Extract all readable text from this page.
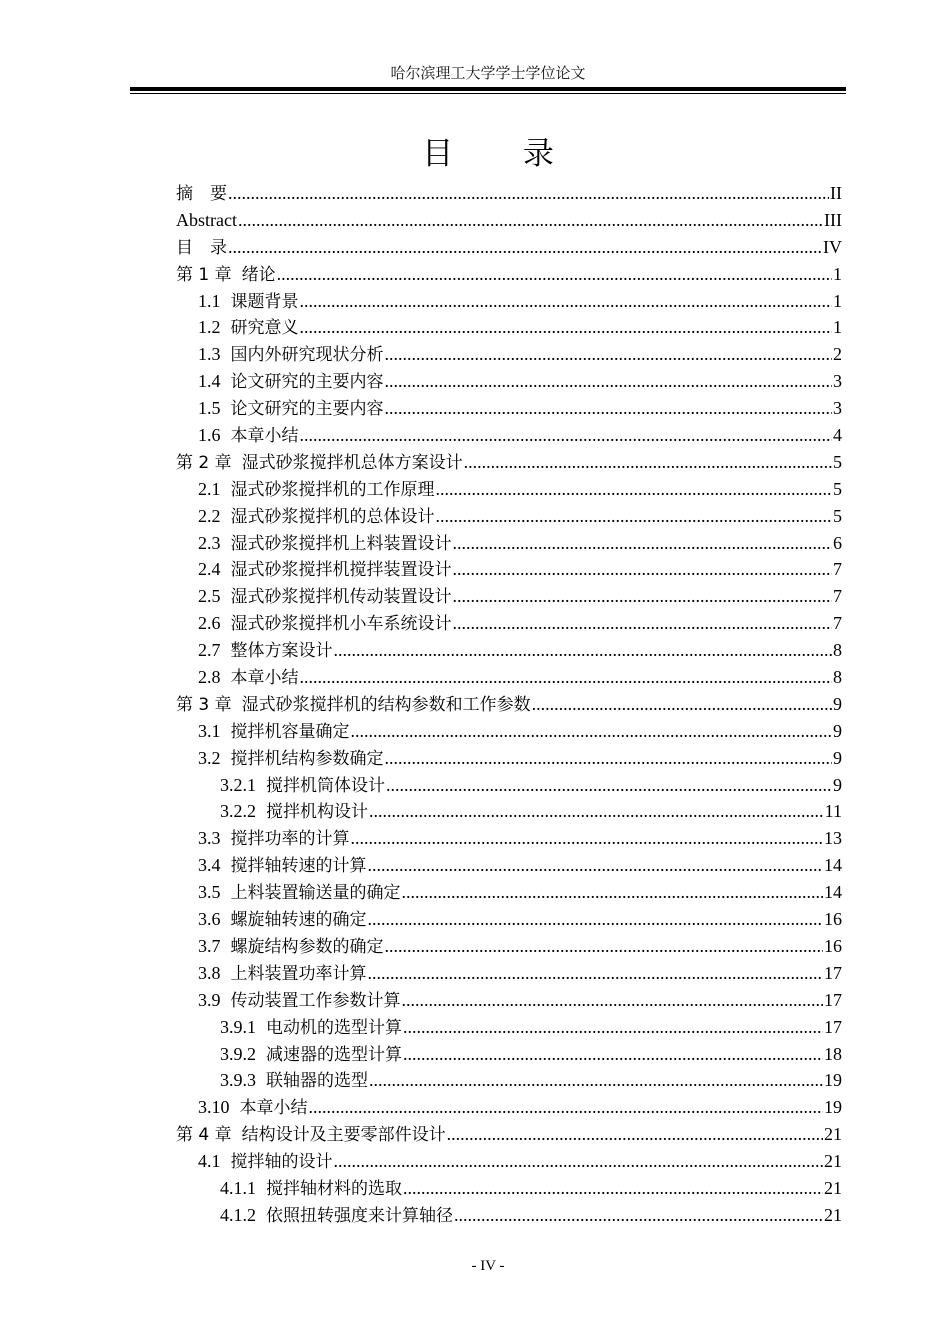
哈尔滨理工大学学士学位论文
目 录
摘　要 .....	II
Abstract .....	III
目　录 .....	IV
第 1 章 绪论 .....	1
1.1 课题背景 .....	1
1.2 研究意义 .....	1
1.3 国内外研究现状分析 .....	2
1.4 论文研究的主要内容 .....	3
1.5 论文研究的主要内容 .....	3
1.6 本章小结 .....	4
第 2 章 湿式砂浆搅拌机总体方案设计 .....	5
2.1 湿式砂浆搅拌机的工作原理 .....	5
2.2 湿式砂浆搅拌机的总体设计 .....	5
2.3 湿式砂浆搅拌机上料装置设计 .....	6
2.4 湿式砂浆搅拌机搅拌装置设计 .....	7
2.5 湿式砂浆搅拌机传动装置设计 .....	7
2.6 湿式砂浆搅拌机小车系统设计 .....	7
2.7 整体方案设计 .....	8
2.8 本章小结 .....	8
第 3 章 湿式砂浆搅拌机的结构参数和工作参数 .....	9
3.1 搅拌机容量确定 .....	9
3.2 搅拌机结构参数确定 .....	9
3.2.1 搅拌机筒体设计 .....	9
3.2.2 搅拌机构设计 .....	11
3.3 搅拌功率的计算 .....	13
3.4 搅拌轴转速的计算 .....	14
3.5 上料装置输送量的确定 .....	14
3.6 螺旋轴转速的确定 .....	16
3.7 螺旋结构参数的确定 .....	16
3.8 上料装置功率计算 .....	17
3.9 传动装置工作参数计算 .....	17
3.9.1 电动机的选型计算 .....	17
3.9.2 减速器的选型计算 .....	18
3.9.3 联轴器的选型 .....	19
3.10 本章小结 .....	19
第 4 章 结构设计及主要零部件设计 .....	21
4.1 搅拌轴的设计 .....	21
4.1.1 搅拌轴材料的选取 .....	21
4.1.2 依照扭转强度来计算轴径 .....	21
- IV -
